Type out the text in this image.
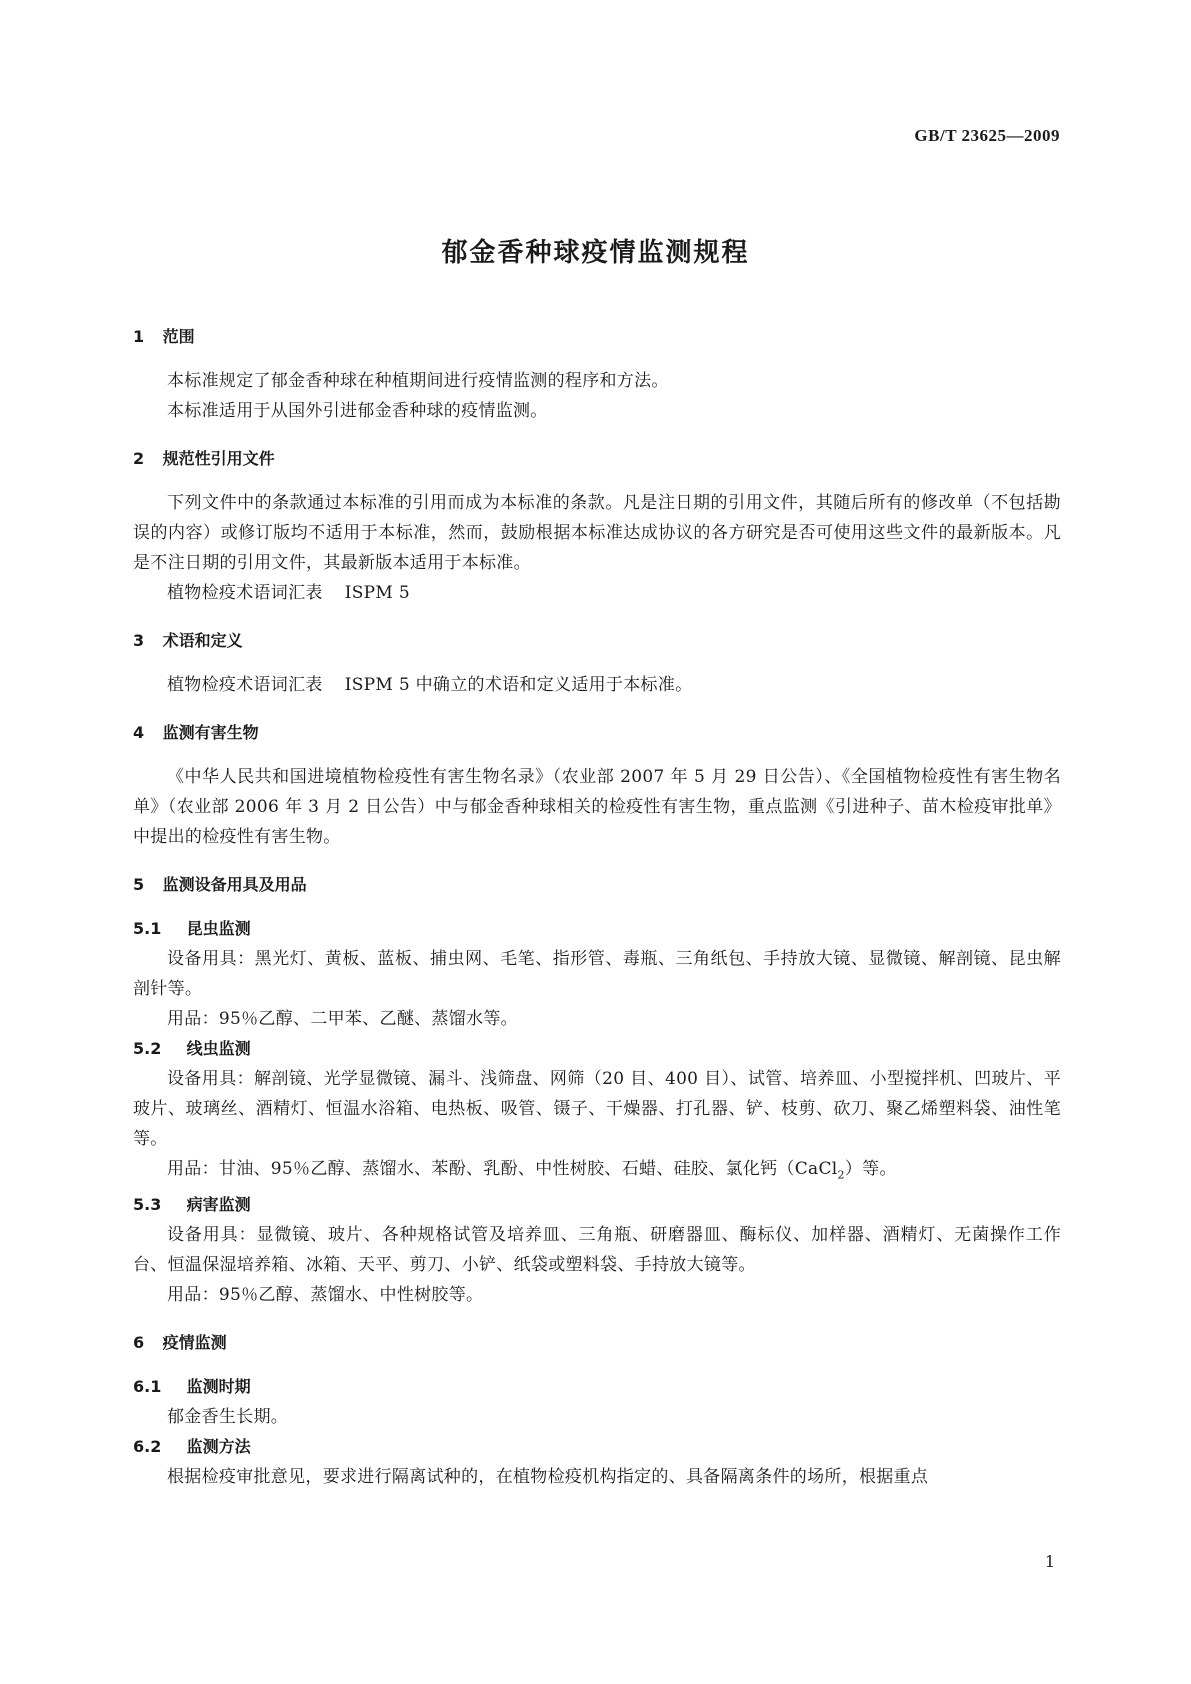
GB/T 23625—2009
郁金香种球疫情监测规程
1 范围

本标准规定了郁金香种球在种植期间进行疫情监测的程序和方法。

本标准适用于从国外引进郁金香种球的疫情监测。

2 规范性引用文件

下列文件中的条款通过本标准的引用而成为本标准的条款。凡是注日期的引用文件，其随后所有的修改单（不包括勘误的内容）或修订版均不适用于本标准，然而，鼓励根据本标准达成协议的各方研究是否可使用这些文件的最新版本。凡是不注日期的引用文件，其最新版本适用于本标准。

植物检疫术语词汇表 ISPM 5

3 术语和定义

植物检疫术语词汇表 ISPM 5 中确立的术语和定义适用于本标准。

4 监测有害生物

《中华人民共和国进境植物检疫性有害生物名录》（农业部 2007 年 5 月 29 日公告）、《全国植物检疫性有害生物名单》（农业部 2006 年 3 月 2 日公告）中与郁金香种球相关的检疫性有害生物，重点监测《引进种子、苗木检疫审批单》中提出的检疫性有害生物。

5 监测设备用具及用品
5.1 昆虫监测

设备用具：黑光灯、黄板、蓝板、捕虫网、毛笔、指形管、毒瓶、三角纸包、手持放大镜、显微镜、解剖镜、昆虫解剖针等。

用品：95％乙醇、二甲苯、乙醚、蒸馏水等。

5.2 线虫监测

设备用具：解剖镜、光学显微镜、漏斗、浅筛盘、网筛（20 目、400 目）、试管、培养皿、小型搅拌机、凹玻片、平玻片、玻璃丝、酒精灯、恒温水浴箱、电热板、吸管、镊子、干燥器、打孔器、铲、枝剪、砍刀、聚乙烯塑料袋、油性笔等。

用品：甘油、95％乙醇、蒸馏水、苯酚、乳酚、中性树胶、石蜡、硅胶、氯化钙（CaCl$_2$）等。

5.3 病害监测

设备用具：显微镜、玻片、各种规格试管及培养皿、三角瓶、研磨器皿、酶标仪、加样器、酒精灯、无菌操作工作台、恒温保湿培养箱、冰箱、天平、剪刀、小铲、纸袋或塑料袋、手持放大镜等。

用品：95％乙醇、蒸馏水、中性树胶等。

6 疫情监测
6.1 监测时期

郁金香生长期。

6.2 监测方法

根据检疫审批意见，要求进行隔离试种的，在植物检疫机构指定的、具备隔离条件的场所，根据重点

1
